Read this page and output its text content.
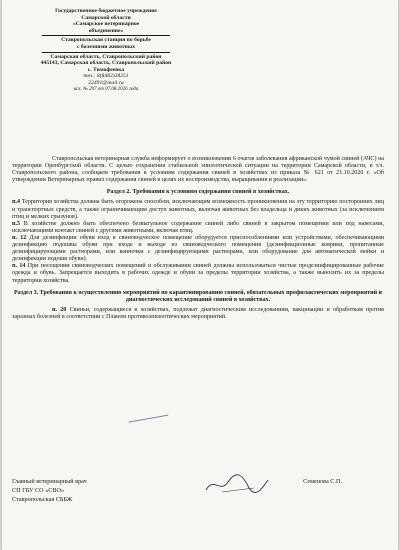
Государственное бюджетное учреждение
Самарской области
«Самарское ветеринарное
объединение»
Ставропольская станция по борьбе
с болезнями животных
Самарская область, Ставропольский район
445143, Самарская область, Ставропольский район
с. Тимофеевка
тел.: 8(8482)28251
22491@mail.ru
исх. № 297 от 07.08.2026 года

Ставропольская ветеринарная служба информирует о возникновении 6 очагов заболевания африканской чумой свиней (АЧС) на территории Оренбургской области. С целью сохранения стабильной эпизоотической ситуации на территории Самарской области, в т.ч. Ставропольского района, сообщаем требования к условиям содержания свиней в хозяйствах из приказа № 621 от 21.10.2020 г. «Об утверждении Ветеринарных правил содержания свиней в целях их воспроизводства, выращивания и реализации».

Раздел 2. Требования к условиям содержания свиней в хозяйствах.

п.4 Территория хозяйства должна быть огорожена способом, исключающим возможность проникновения на эту территорию посторонних лиц и транспортных средств, а также ограничивающим доступ животных, включая животных без владельца и диких животных (за исключением птиц и мелких грызунов).

п.5 В хозяйстве должно быть обеспечено безвыгульное содержание свиней либо свиней в закрытом помещении или под навесами, исключающими контакт свиней с другими животными, включая птиц.

п. 12 Для дезинфекции обуви вход в свиноводческое помещение оборудуется приспособлениями или устройствами, обеспечивающими дезинфекцию подошвы обуви при входе и выходе из свиноводческого помещения (дезинфекционные коврики, пропитанные дезинфицирующими растворами, или ванночки с дезинфицирующими растворами, или оборудование для автоматической мойки и дезинфекции подошв обуви).

п. 14 При посещении свиноводческих помещений и обслуживании свиней должны использоваться чистые продезинфицированные рабочие одежда и обувь. Запрещается выходить в рабочих одежде и обуви за пределы территории хозяйства, а также выносить их за пределы территории хозяйства.

Раздел 3. Требования к осуществлению мероприятий по карантинированию свиней, обязательных профилактических мероприятий и диагностических исследований свиней в хозяйствах.

п. 20 Свиньи, содержащиеся в хозяйствах, подлежат диагностическим исследованиям, вакцинации и обработкам против заразных болезней в соответствии с Планом противоэпизоотических мероприятий.

Главный ветеринарный врач
СП ГБУ СО «СВО»
Ставропольская СББЖ
Семенова С.П.
